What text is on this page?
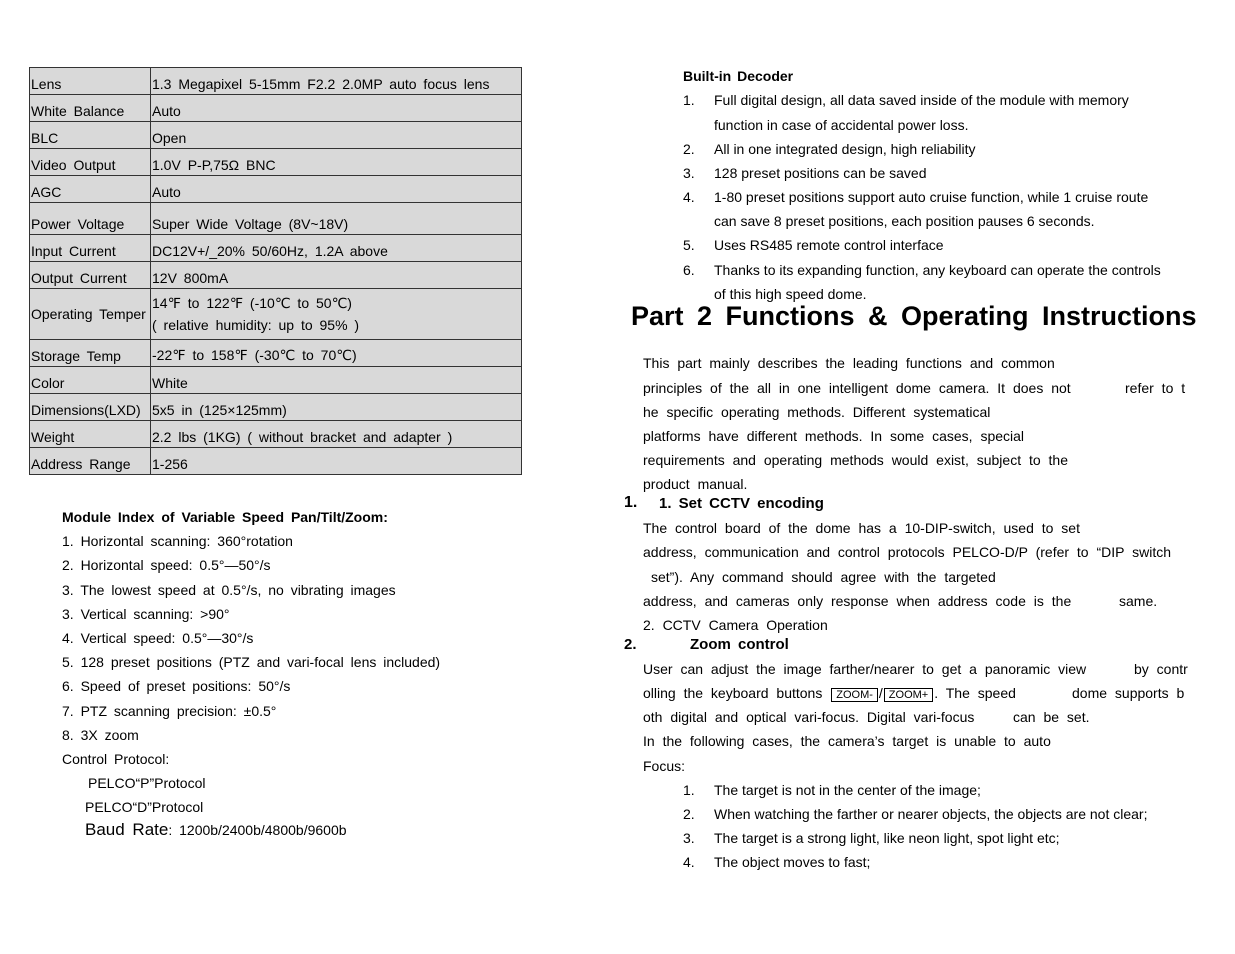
Lens	1.3 Megapixel 5-15mm F2.2 2.0MP auto focus lens
White Balance	Auto
BLC	Open
Video Output	1.0V P-P,75Ω BNC
AGC	Auto
Power Voltage	Super Wide Voltage (8V~18V)
Input Current	DC12V+/_20% 50/60Hz, 1.2A above
Output Current	12V 800mA
Operating Temper	14℉ to 122℉ (-10℃ to 50℃)
( relative humidity: up to 95% )

Storage Temp	-22℉ to 158℉ (-30℃ to 70℃)
Color	White
Dimensions(LXD)	5x5 in (125×125mm)
Weight	2.2 lbs (1KG) ( without bracket and adapter )
Address Range	1-256
Module Index of Variable Speed Pan/Tilt/Zoom:
1. Horizontal scanning: 360°rotation
2. Horizontal speed: 0.5°—50°/s
3. The lowest speed at 0.5°/s, no vibrating images
3. Vertical scanning: >90°
4. Vertical speed: 0.5°—30°/s
5. 128 preset positions (PTZ and vari-focal lens included)
6. Speed of preset positions: 50°/s
7. PTZ scanning precision: ±0.5°
8. 3X zoom
Control Protocol:
PELCO“P”Protocol
PELCO“D”Protocol
Baud Rate: 1200b/2400b/4800b/9600b
Built-in Decoder
1. Full digital design, all data saved inside of the module with memory
function in case of accidental power loss.
2. All in one integrated design, high reliability
3. 128 preset positions can be saved
4. 1-80 preset positions support auto cruise function, while 1 cruise route
can save 8 preset positions, each position pauses 6 seconds.
5. Uses RS485 remote control interface
6. Thanks to its expanding function, any keyboard can operate the controls
of this high speed dome.
Part 2 Functions & Operating Instructions
This part mainly describes the leading functions and common
principles of the all in one intelligent dome camera. It does not	refer to t
he specific operating methods. Different systematical
platforms have different methods. In some cases, special
requirements and operating methods would exist, subject to the
product manual.
1. 1. Set CCTV encoding
The control board of the dome has a 10-DIP-switch, used to set
address, communication and control protocols PELCO-D/P (refer to “DIP switch
set”). Any command should agree with the targeted
address, and cameras only response when address code is the	same.
2. CCTV Camera Operation
2.	Zoom control
User can adjust the image farther/nearer to get a panoramic view	by contr
olling the keyboard buttons ZOOM- / ZOOM+ . The speed	dome supports b
oth digital and optical vari-focus. Digital vari-focus	can be set.
In the following cases, the camera’s target is unable to auto
Focus:
1. The target is not in the center of the image;
2. When watching the farther or nearer objects, the objects are not clear;
3. The target is a strong light, like neon light, spot light etc;
4. The object moves to fast;
